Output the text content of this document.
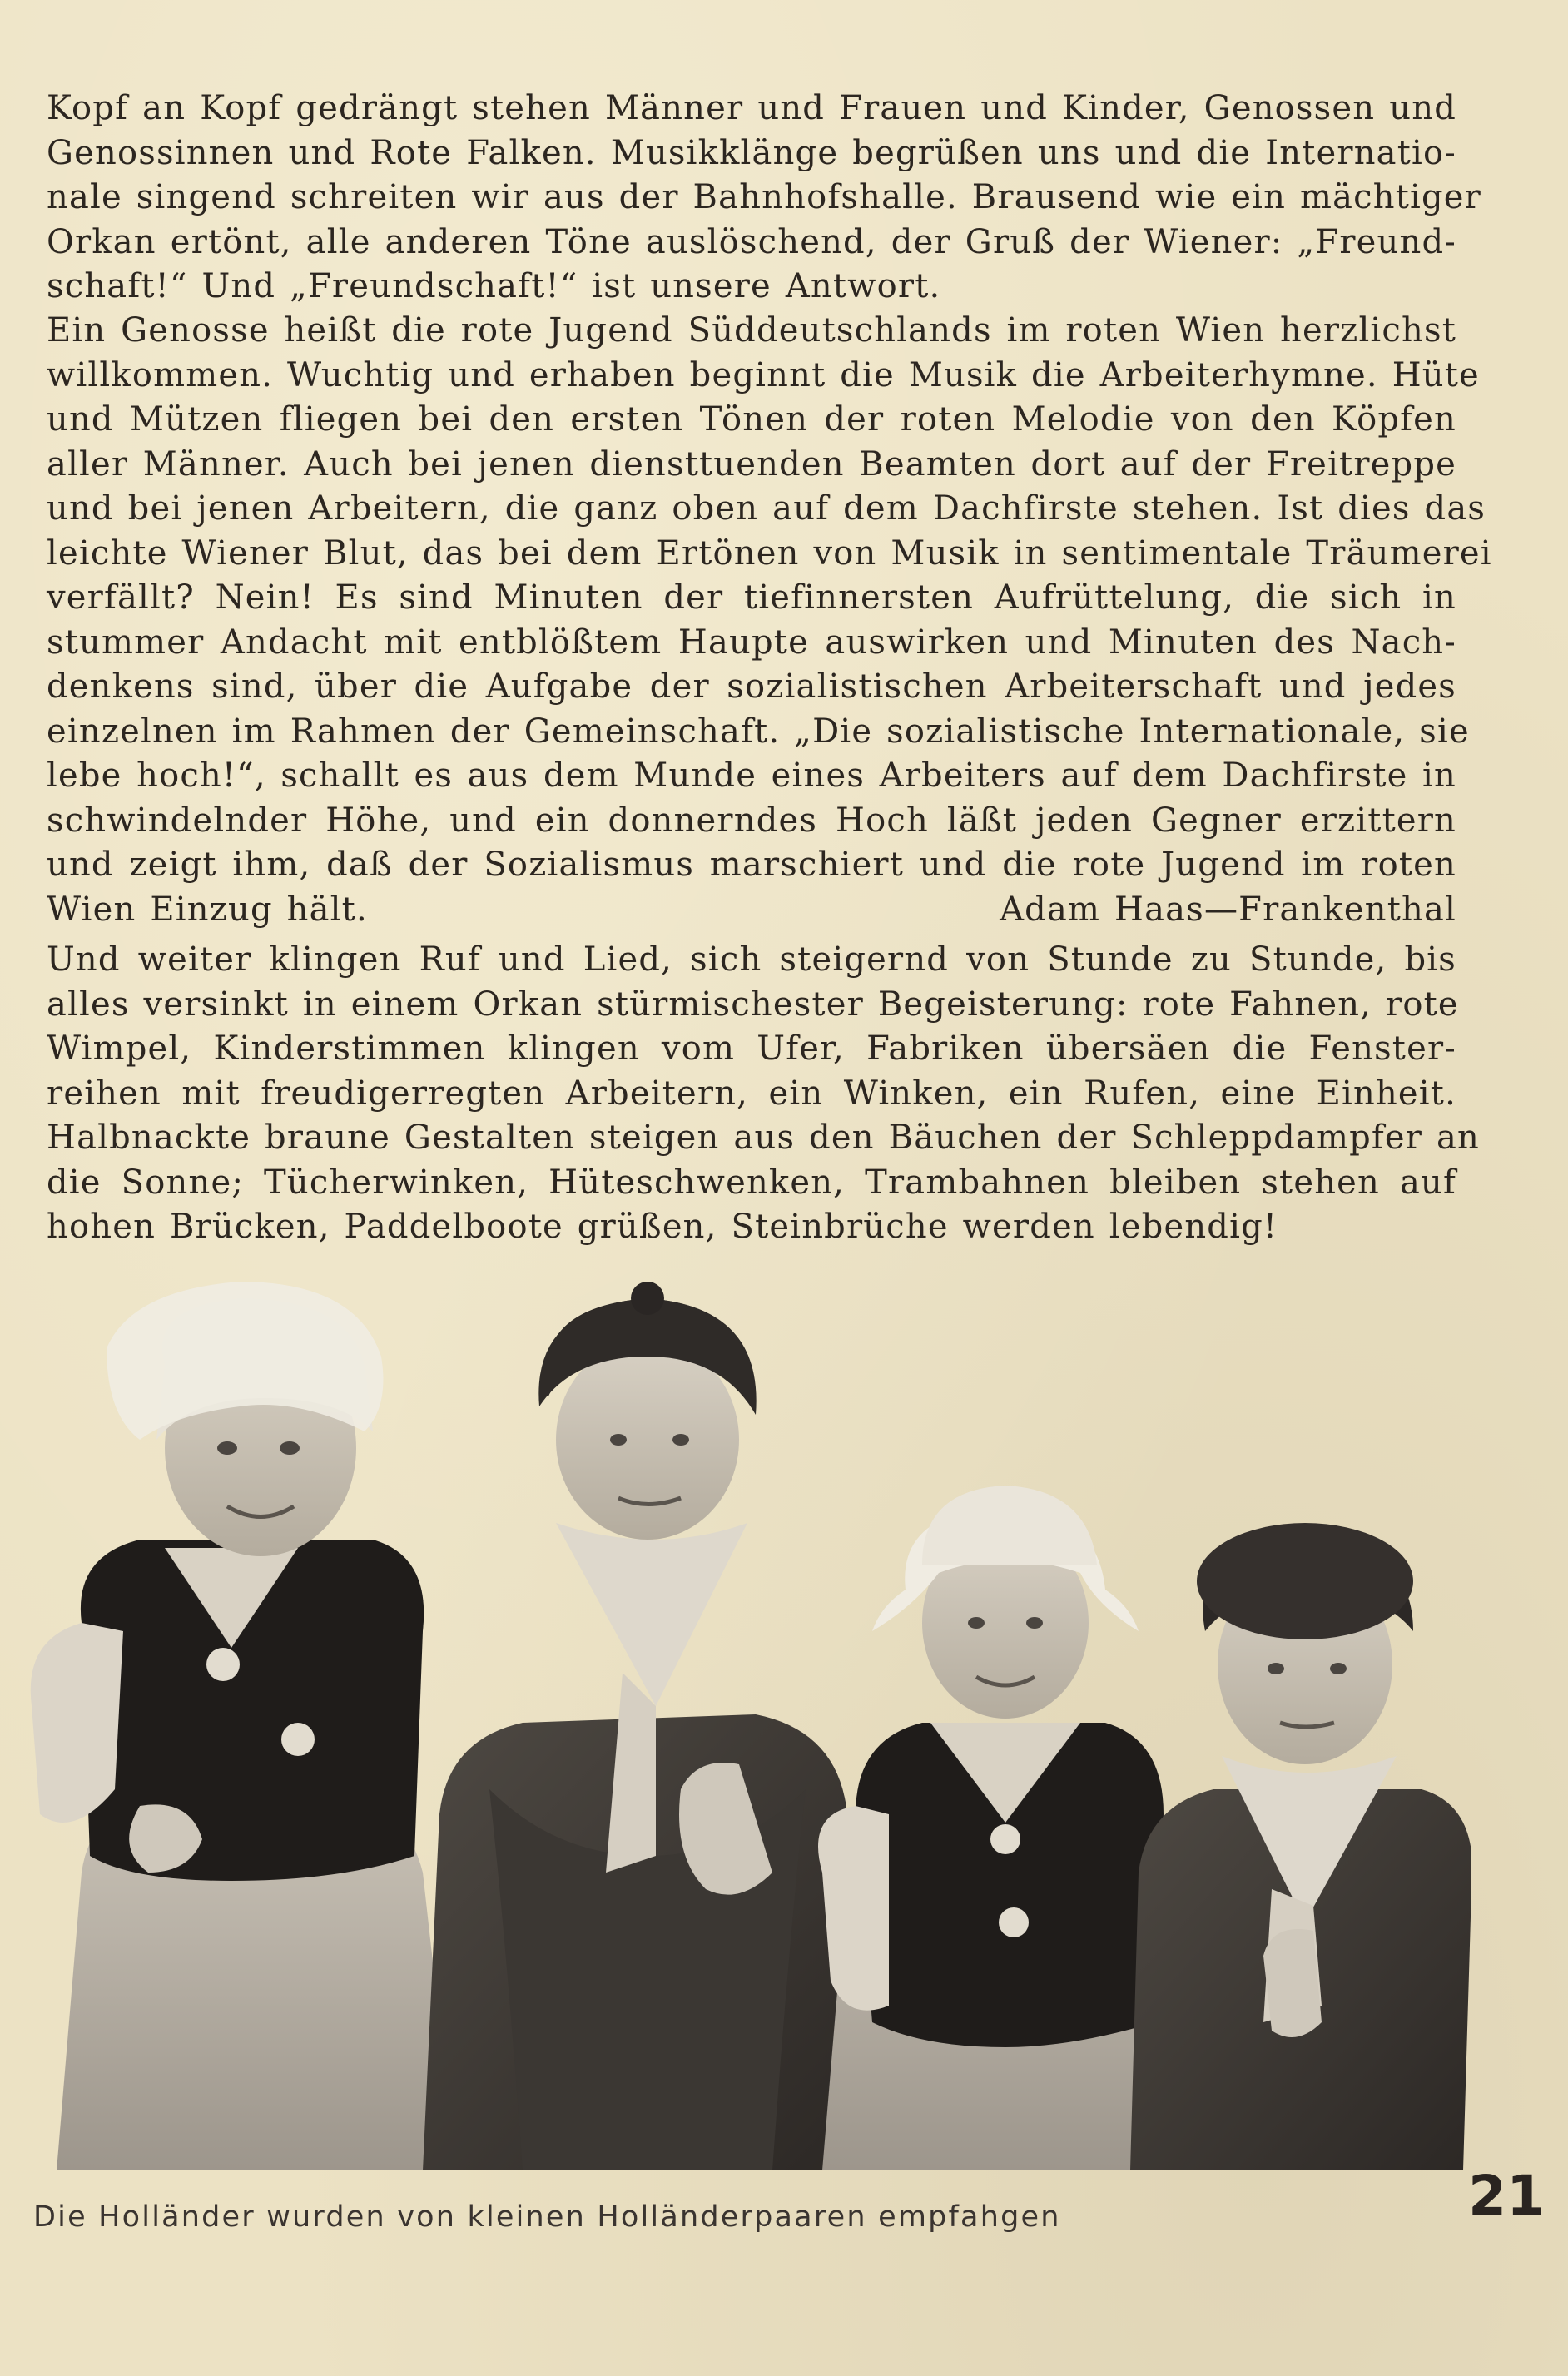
Kopf an Kopf gedrängt stehen Männer und Frauen und Kinder, Genossen und
Genossinnen und Rote Falken. Musikklänge begrüßen uns und die Internatio-
nale singend schreiten wir aus der Bahnhofshalle. Brausend wie ein mächtiger
Orkan ertönt, alle anderen Töne auslöschend, der Gruß der Wiener: „Freund-
schaft!“ Und „Freundschaft!“ ist unsere Antwort.
Ein Genosse heißt die rote Jugend Süddeutschlands im roten Wien herzlichst
willkommen. Wuchtig und erhaben beginnt die Musik die Arbeiterhymne. Hüte
und Mützen fliegen bei den ersten Tönen der roten Melodie von den Köpfen
aller Männer. Auch bei jenen diensttuenden Beamten dort auf der Freitreppe
und bei jenen Arbeitern, die ganz oben auf dem Dachfirste stehen. Ist dies das
leichte Wiener Blut, das bei dem Ertönen von Musik in sentimentale Träumerei
verfällt? Nein! Es sind Minuten der tiefinnersten Aufrüttelung, die sich in
stummer Andacht mit entblößtem Haupte auswirken und Minuten des Nach-
denkens sind, über die Aufgabe der sozialistischen Arbeiterschaft und jedes
einzelnen im Rahmen der Gemeinschaft. „Die sozialistische Internationale, sie
lebe hoch!“, schallt es aus dem Munde eines Arbeiters auf dem Dachfirste in
schwindelnder Höhe, und ein donnerndes Hoch läßt jeden Gegner erzittern
und zeigt ihm, daß der Sozialismus marschiert und die rote Jugend im roten
Wien Einzug hält.	Adam Haas—Frankenthal
Und weiter klingen Ruf und Lied, sich steigernd von Stunde zu Stunde, bis
alles versinkt in einem Orkan stürmischester Begeisterung: rote Fahnen, rote
Wimpel, Kinderstimmen klingen vom Ufer, Fabriken übersäen die Fenster-
reihen mit freudigerregten Arbeitern, ein Winken, ein Rufen, eine Einheit.
Halbnackte braune Gestalten steigen aus den Bäuchen der Schleppdampfer an
die Sonne; Tücherwinken, Hüteschwenken, Trambahnen bleiben stehen auf
hohen Brücken, Paddelboote grüßen, Steinbrüche werden lebendig!
Die Holländer wurden von kleinen Holländerpaaren empfahgen	21
